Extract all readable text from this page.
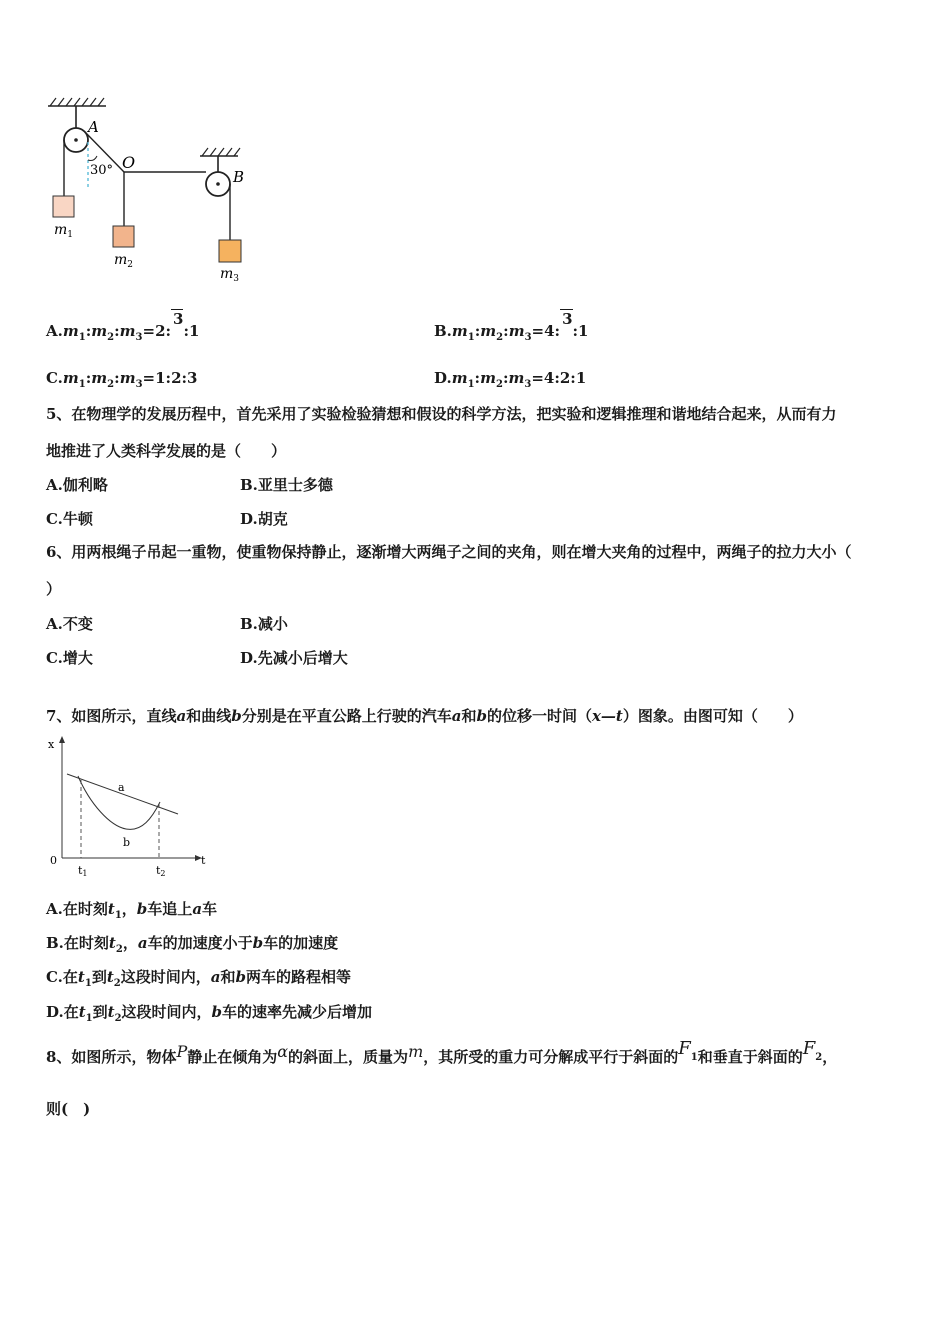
A
O
B
30°
$m_1$
$m_2$
$m_3$
$A.m_1:m_2:m_3=2:3:1$	$B.m_1:m_2:m_3=4:3:1$
$C.m_1:m_2:m_3=1:2:3$	$D.m_1:m_2:m_3=4:2:1$
5、在物理学的发展历程中，首先采用了实验检验猜想和假设的科学方法，把实验和逻辑推理和谐地结合起来，从而有力
地推进了人类科学发展的是（　　）
A.伽利略	B.亚里士多德
C.牛顿	D.胡克
6、用两根绳子吊起一重物，使重物保持静止，逐渐增大两绳子之间的夹角，则在增大夹角的过程中，两绳子的拉力大小（
）
A.不变	B.减小
C.增大	D.先减小后增大
7、如图所示，直线a和曲线b分别是在平直公路上行驶的汽车a和b的位移一时间（x—t）图象。由图可知（　　）
x
t
0
a
b
t1	t2
A.在时刻$t_1$，b车追上a车
B.在时刻$t_2$，a车的加速度小于b车的加速度
C.在$t_1$到$t_2$这段时间内，a和b两车的路程相等
D.在$t_1$到$t_2$这段时间内，b车的速率先减少后增加
8、如图所示，物体P静止在倾角为α的斜面上，质量为m，其所受的重力可分解成平行于斜面的$F_1$和垂直于斜面的$F_2$，
则(　)
